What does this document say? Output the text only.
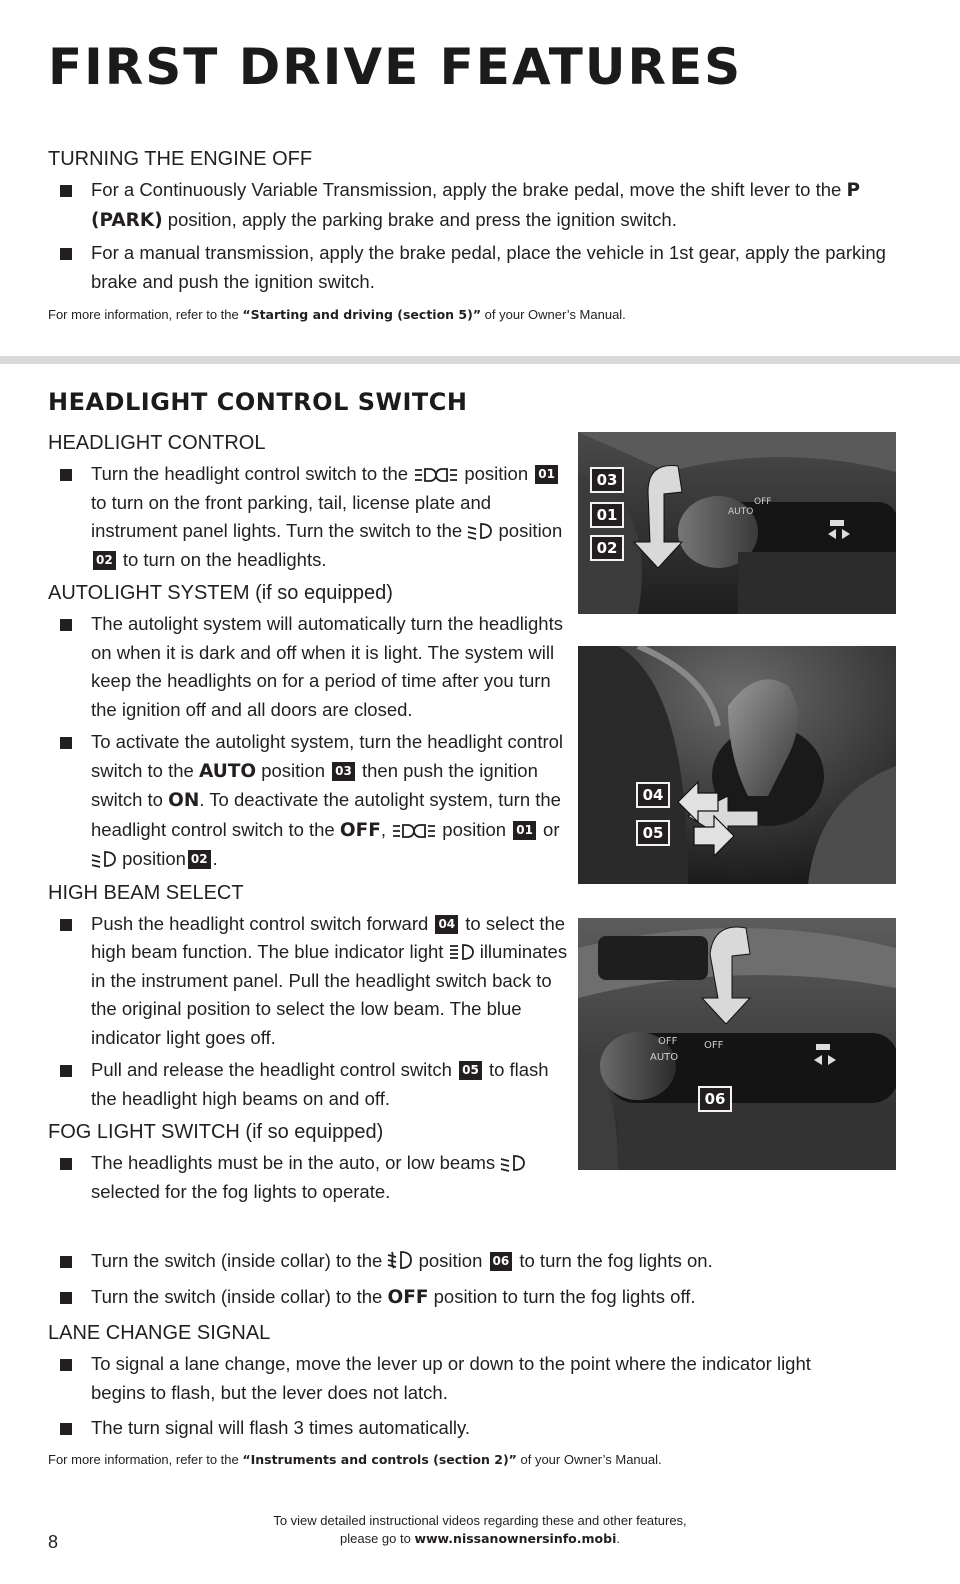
FIRST DRIVE FEATURES
TURNING THE ENGINE OFF
For a Continuously Variable Transmission, apply the brake pedal, move the shift lever to the P (PARK) position, apply the parking brake and press the ignition switch.
For a manual transmission, apply the brake pedal, place the vehicle in 1st gear, apply the parking brake and push the ignition switch.
For more information, refer to the “Starting and driving (section 5)” of your Owner’s Manual.
HEADLIGHT CONTROL SWITCH
HEADLIGHT CONTROL
Turn the headlight control switch to the  position 01 to turn on the front parking, tail, license plate and instrument panel lights. Turn the switch to the  position 02 to turn on the headlights.
AUTOLIGHT SYSTEM (if so equipped)
The autolight system will automatically turn the headlights on when it is dark and off when it is light. The system will keep the headlights on for a period of time after you turn the ignition off and all doors are closed.
To activate the autolight system, turn the headlight control switch to the AUTO position 03 then push the ignition switch to ON. To deactivate the autolight system, turn the headlight control switch to the OFF,  position 01 or  position 02 .
HIGH BEAM SELECT
Push the headlight control switch forward 04 to select the high beam function. The blue indicator light  illuminates in the instrument panel. Pull the headlight switch back to the original position to select the low beam. The blue indicator light goes off.
Pull and release the headlight control switch 05 to flash the headlight high beams on and off.
FOG LIGHT SWITCH (if so equipped)
The headlights must be in the auto, or low beams  selected for the fog lights to operate.
Turn the switch (inside collar) to the  position 06 to turn the fog lights on.
Turn the switch (inside collar) to the OFF position to turn the fog lights off.
LANE CHANGE SIGNAL
To signal a lane change, move the lever up or down to the point where the indicator light begins to flash, but the lever does not latch.
The turn signal will flash 3 times automatically.
For more information, refer to the “Instruments and controls (section 2)” of your Owner’s Manual.
AUTO
OFF
03
01
02
04
05
OFF
AUTO
OFF
06
To view detailed instructional videos regarding these and other features,
please go to www.nissanownersinfo.mobi.
8
